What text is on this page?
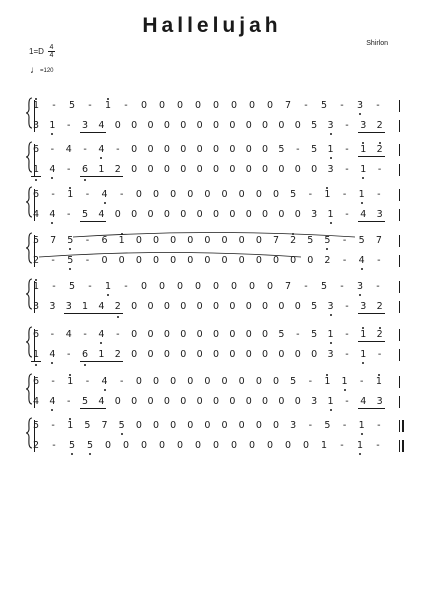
Hallelujah
Shirlon
$1=D \frac{4}{4}$
♩=120
1	-	5	-	1	-	0 0 0 0 0 0 0 0 7	-	5	-	3	-
3 1	-	3 4 0 0 0 0 0 0 0 0 0 0 0 0 5 3	-	3 2
6	-	4	-	4	-	0 0 0 0 0 0 0 0 0 5	-	5 1	-	1 2
1 4	-	6 1 2 0 0 0 0 0 0 0 0 0 0 0 0 3	-	1	-
6	-	1	-	4	-	0 0 0 0 0 0 0 0 0 5	-	1	-	1	-
4 4	-	5 4 0 0 0 0 0 0 0 0 0 0 0 0 3 1	-	4 3
5 7 5	-	6 1 0 0 0 0 0 0 0 0 7 2 5 5	-	5 7
2	-	5	-	0 0 0 0 0 0 0 0 0 0 0 0 0 2	-	4	-
1	-	5	-	1	-	0 0 0 0 0 0 0 0 7	-	5	-	3	-
3 3 3 1 4 2 0 0 0 0 0 0 0 0 0 0 0 5 3	-	3 2
6	-	4	-	4	-	0 0 0 0 0 0 0 0 0 5	-	5 1	-	1 2
1 4	-	6 1 2 0 0 0 0 0 0 0 0 0 0 0 0 3	-	1	-
6	-	1	-	4	-	0 0 0 0 0 0 0 0 0 5	-	1 1	-	1
4 4	-	5 4 0 0 0 0 0 0 0 0 0 0 0 0 3 1	-	4 3
5	-	1 5 7 5 0 0 0 0 0 0 0 0 0 3	-	5	-	1	-
2	-	5 5 0 0 0 0 0 0 0 0 0 0 0 0 1	-	1	-
